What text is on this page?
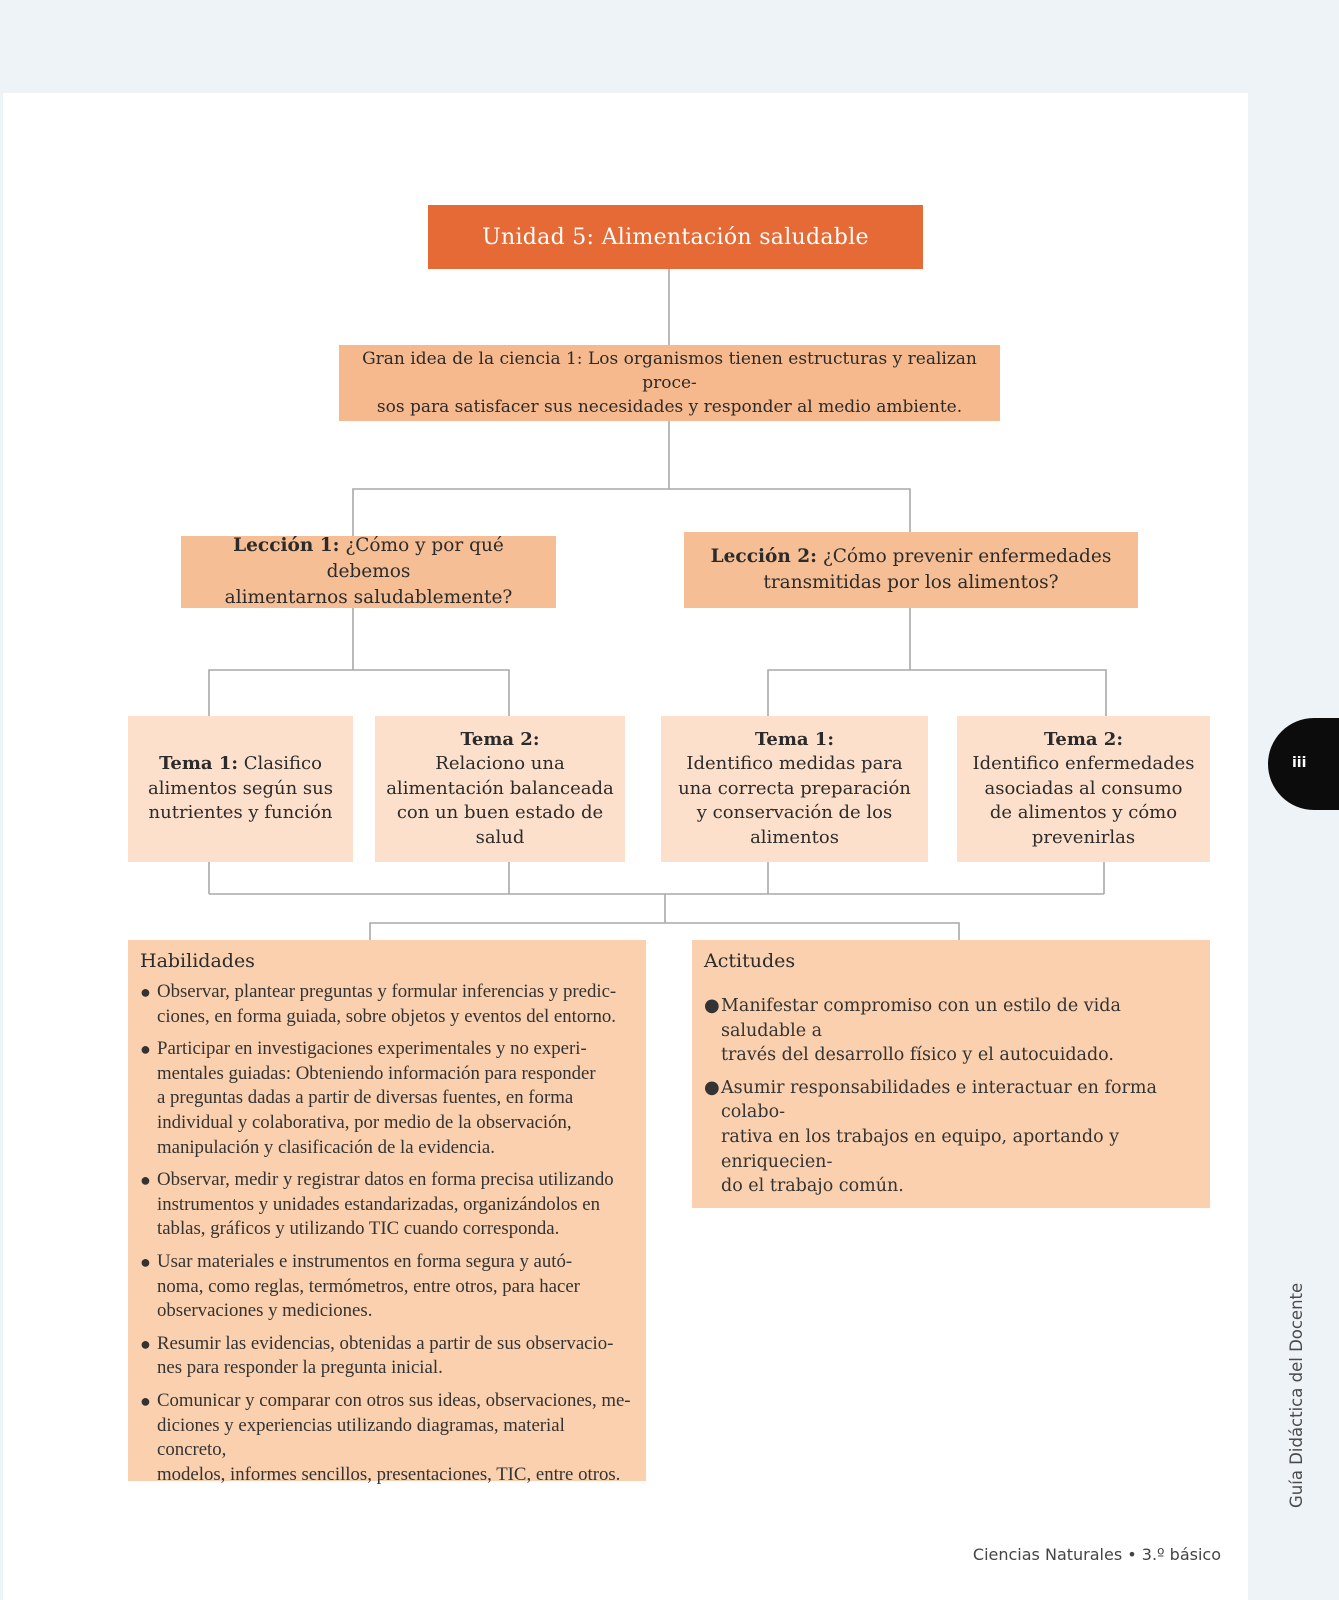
Unidad 5: Alimentación saludable
Gran idea de la ciencia 1: Los organismos tienen estructuras y realizan proce-
sos para satisfacer sus necesidades y responder al medio ambiente.
Lección 1: ¿Cómo y por qué debemos
alimentarnos saludablemente?
Lección 2: ¿Cómo prevenir enfermedades
transmitidas por los alimentos?
Tema 1: Clasifico
alimentos según sus
nutrientes y función
Tema 2:
Relaciono una
alimentación balanceada
con un buen estado de
salud
Tema 1:
Identifico medidas para
una correcta preparación
y conservación de los
alimentos
Tema 2:
Identifico enfermedades
asociadas al consumo
de alimentos y cómo
prevenirlas
Habilidades
● Observar, plantear preguntas y formular inferencias y predic-
ciones, en forma guiada, sobre objetos y eventos del entorno.
● Participar en investigaciones experimentales y no experi-
mentales guiadas: Obteniendo información para responder
a preguntas dadas a partir de diversas fuentes, en forma
individual y colaborativa, por medio de la observación,
manipulación y clasificación de la evidencia.
● Observar, medir y registrar datos en forma precisa utilizando
instrumentos y unidades estandarizadas, organizándolos en
tablas, gráficos y utilizando TIC cuando corresponda.
● Usar materiales e instrumentos en forma segura y autó-
noma, como reglas, termómetros, entre otros, para hacer
observaciones y mediciones.
● Resumir las evidencias, obtenidas a partir de sus observacio-
nes para responder la pregunta inicial.
● Comunicar y comparar con otros sus ideas, observaciones, me-
diciones y experiencias utilizando diagramas, material concreto,
modelos, informes sencillos, presentaciones, TIC, entre otros.
Actitudes
● Manifestar compromiso con un estilo de vida saludable a
través del desarrollo físico y el autocuidado.
● Asumir responsabilidades e interactuar en forma colabo-
rativa en los trabajos en equipo, aportando y enriquecien-
do el trabajo común.
iii
Guía Didáctica del Docente
Ciencias Naturales • 3.º básico
